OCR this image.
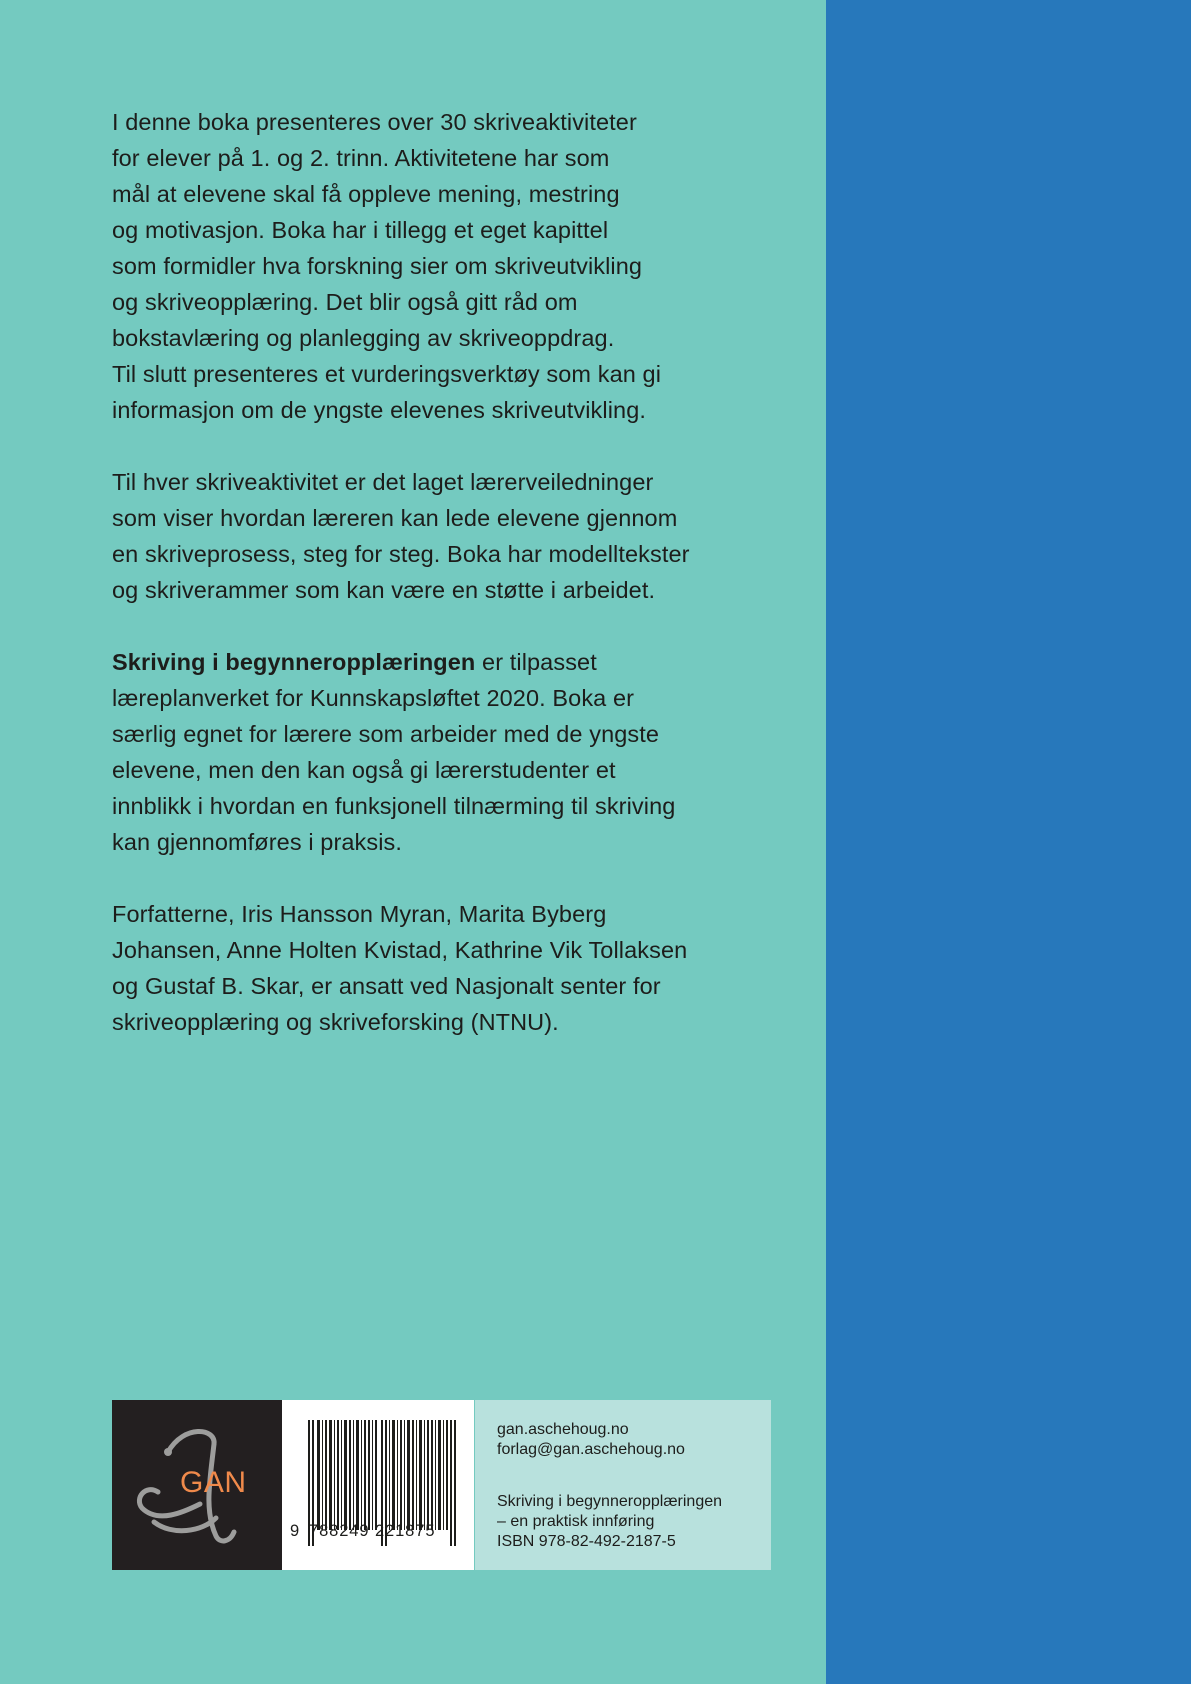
I denne boka presenteres over 30 skriveaktiviteter
for elever på 1. og 2. trinn. Aktivitetene har som
mål at elevene skal få oppleve mening, mestring
og motivasjon. Boka har i tillegg et eget kapittel
som formidler hva forskning sier om skriveutvikling
og skriveopplæring. Det blir også gitt råd om
bokstavlæring og planlegging av skriveoppdrag.
Til slutt presenteres et vurderingsverktøy som kan gi
informasjon om de yngste elevenes skriveutvikling.

Til hver skriveaktivitet er det laget lærerveiledninger
som viser hvordan læreren kan lede elevene gjennom
en skriveprosess, steg for steg. Boka har modelltekster
og skriverammer som kan være en støtte i arbeidet.

Skriving i begynneropplæringen er tilpasset
læreplanverket for Kunnskapsløftet 2020. Boka er
særlig egnet for lærere som arbeider med de yngste
elevene, men den kan også gi lærerstudenter et
innblikk i hvordan en funksjonell tilnærming til skriving
kan gjennomføres i praksis.

Forfatterne, Iris Hansson Myran, Marita Byberg
Johansen, Anne Holten Kvistad, Kathrine Vik Tollaksen
og Gustaf B. Skar, er ansatt ved Nasjonalt senter for
skriveopplæring og skriveforsking (NTNU).

GAN
9 788249 221875
gan.aschehoug.no
forlag@gan.aschehoug.no
Skriving i begynneropplæringen
– en praktisk innføring
ISBN 978-82-492-2187-5
